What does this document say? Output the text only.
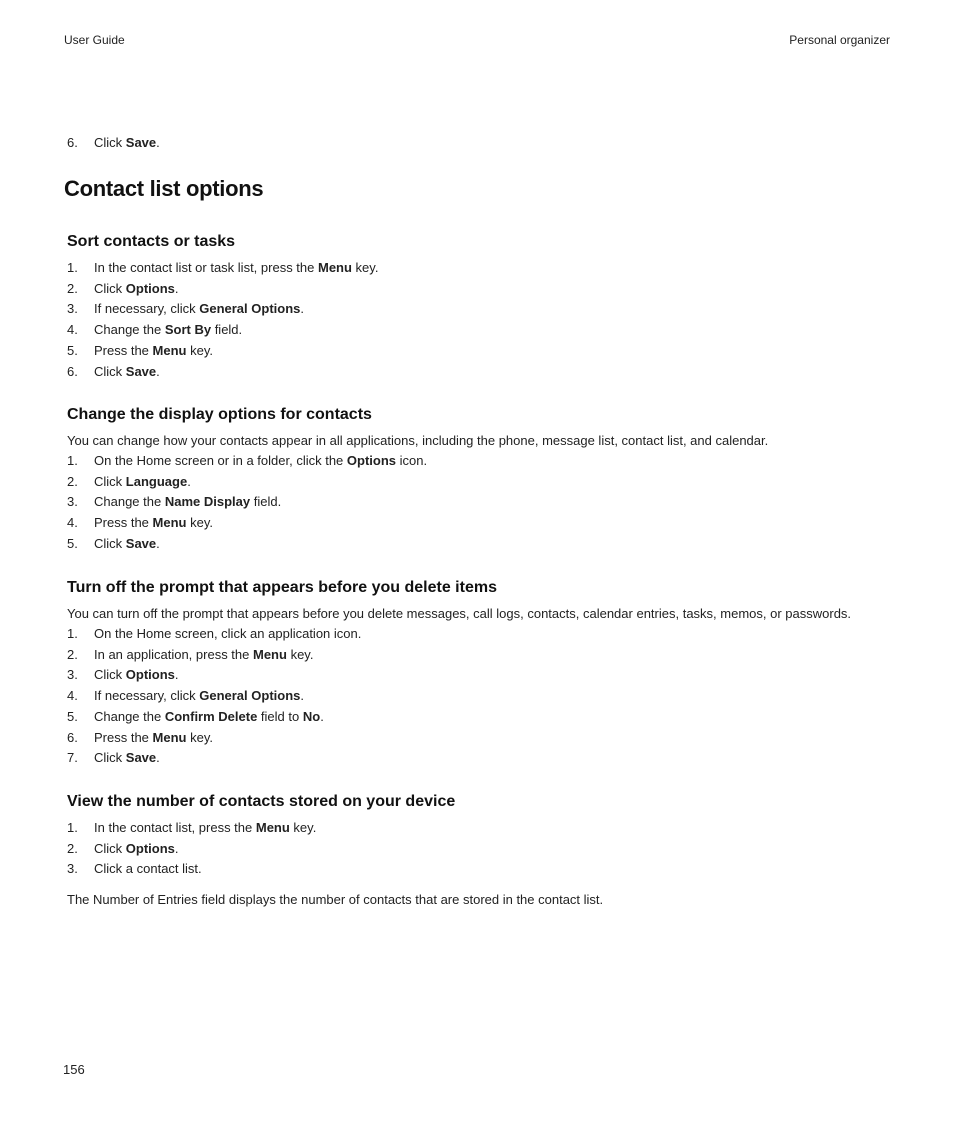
User Guide	Personal organizer
6. Click Save.
Contact list options
Sort contacts or tasks
1. In the contact list or task list, press the Menu key.
2. Click Options.
3. If necessary, click General Options.
4. Change the Sort By field.
5. Press the Menu key.
6. Click Save.
Change the display options for contacts

You can change how your contacts appear in all applications, including the phone, message list, contact list, and calendar.

1. On the Home screen or in a folder, click the Options icon.
2. Click Language.
3. Change the Name Display field.
4. Press the Menu key.
5. Click Save.
Turn off the prompt that appears before you delete items

You can turn off the prompt that appears before you delete messages, call logs, contacts, calendar entries, tasks, memos, or passwords.

1. On the Home screen, click an application icon.
2. In an application, press the Menu key.
3. Click Options.
4. If necessary, click General Options.
5. Change the Confirm Delete field to No.
6. Press the Menu key.
7. Click Save.
View the number of contacts stored on your device
1. In the contact list, press the Menu key.
2. Click Options.
3. Click a contact list.

The Number of Entries field displays the number of contacts that are stored in the contact list.

156
